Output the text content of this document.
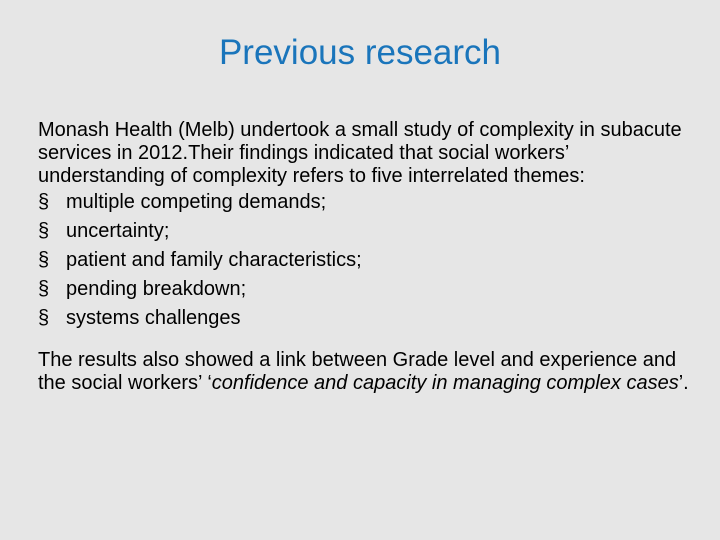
Previous research

Monash Health (Melb) undertook a small study of complexity in subacute services in 2012.Their findings indicated that social workers’ understanding of complexity refers to five interrelated themes:

§ multiple competing demands;
§ uncertainty;
§ patient and family characteristics;
§ pending breakdown;
§ systems challenges

The results also showed a link between Grade level and experience and the social workers’ ‘confidence and capacity in managing complex cases’.
